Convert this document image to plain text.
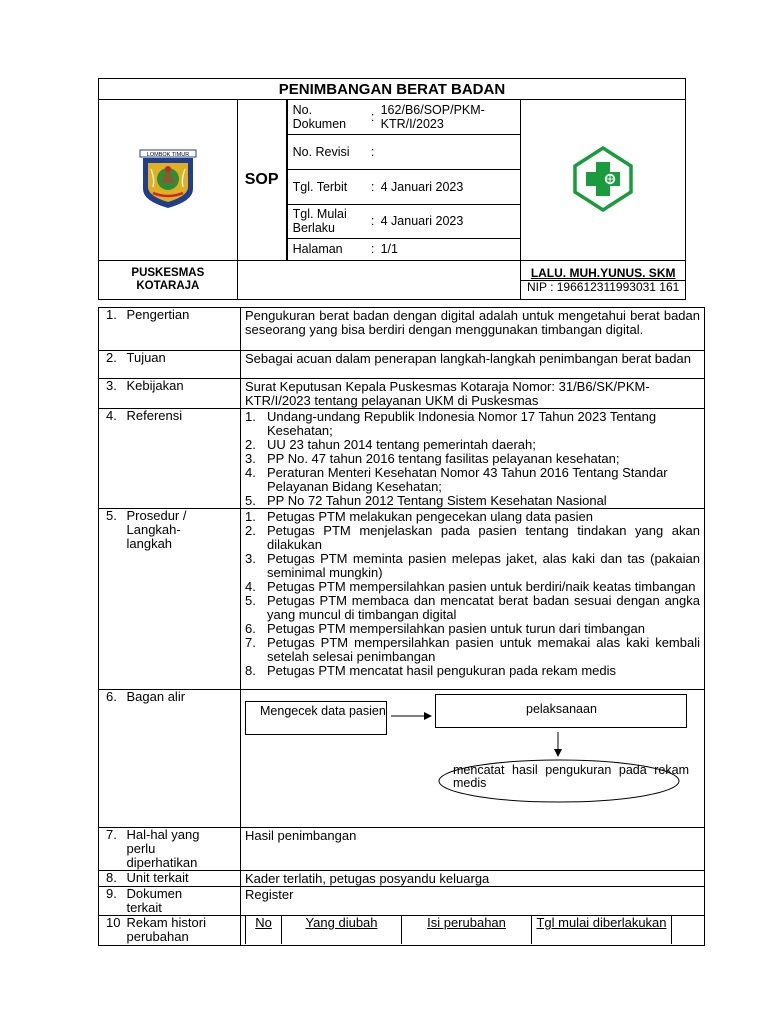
PENIMBANGAN BERAT BADAN

LOMBOK TIMUR
	SOP	
No. Dokumen	:	162/B6/SOP/PKM-KTR/I/2023
No. Revisi	:	
Tgl. Terbit	:	4 Januari 2023
Tgl. Mulai Berlaku	:	4 Januari 2023
Halaman	:	1/1

PUSKESMAS KOTARAJA		
LALU. MUH.YUNUS. SKM
NIP : 196612311993031 161
1.	Pengertian	Pengukuran berat badan dengan digital adalah untuk mengetahui berat badan seseorang yang bisa berdiri dengan menggunakan timbangan digital.
2.	Tujuan	Sebagai acuan dalam penerapan langkah-langkah penimbangan berat badan
3.	Kebijakan	Surat Keputusan Kepala Puskesmas Kotaraja Nomor: 31/B6/SK/PKM-KTR/I/2023 tentang pelayanan UKM di Puskesmas
4.	Referensi	1. Undang-undang Republik Indonesia Nomor 17 Tahun 2023 Tentang Kesehatan;
2. UU 23 tahun 2014 tentang pemerintah daerah;
3. PP No. 47 tahun 2016 tentang fasilitas pelayanan kesehatan;
4. Peraturan Menteri Kesehatan Nomor 43 Tahun 2016 Tentang Standar Pelayanan Bidang Kesehatan;
5. PP No 72 Tahun 2012 Tentang Sistem Kesehatan Nasional

5.	Prosedur / Langkah-langkah	
1. Petugas PTM melakukan pengecekan ulang data pasien
2. Petugas PTM menjelaskan pada pasien tentang tindakan yang akan dilakukan
3. Petugas PTM meminta pasien melepas jaket, alas kaki dan tas (pakaian seminimal mungkin)
4. Petugas PTM mempersilahkan pasien untuk berdiri/naik keatas timbangan
5. Petugas PTM membaca dan mencatat berat badan sesuai dengan angka yang muncul di timbangan digital
6. Petugas PTM mempersilahkan pasien untuk turun dari timbangan
7. Petugas PTM mempersilahkan pasien untuk memakai alas kaki kembali setelah selesai penimbangan
8. Petugas PTM mencatat hasil pengukuran pada rekam medis

6.	Bagan alir	
Mengecek data pasien	pelaksanaan
mencatat hasil pengukuran pada rekam medis

7.	Hal-hal yang perlu diperhatikan	Hasil penimbangan
8.	Unit terkait	Kader terlatih, petugas posyandu keluarga
9.	Dokumen terkait	Register
10	Rekam histori perubahan	
No	Yang diubah	Isi perubahan	Tgl mulai diberlakukan	
